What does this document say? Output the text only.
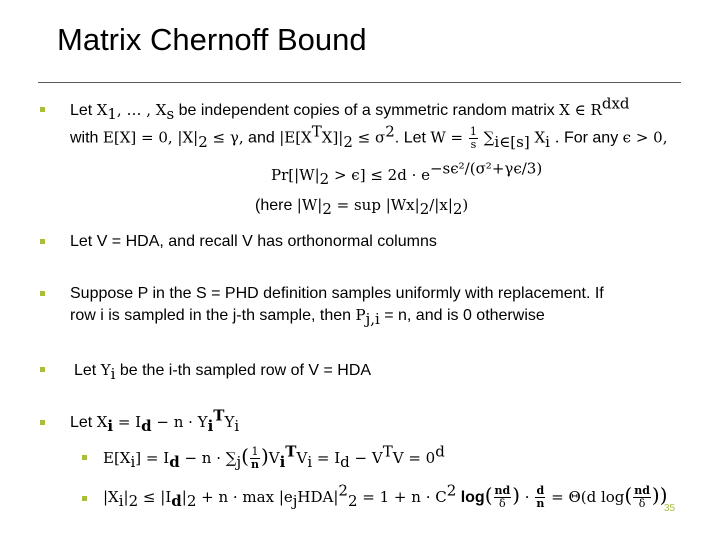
Matrix Chernoff Bound
Let $X_1$, … , $X_s$ be independent copies of a symmetric random matrix X ∈ $R^{dxd}$
with E[X] = 0, $|X|_2 \le \gamma$, and $|E[X^TX]|_2 \le \sigma^2$. Let $W = \frac{1}{s} \sum_{i\in[s]}$ $X_i$ . For any ϵ > 0,
$Pr[|W|_2 > \epsilon] \le 2d \cdot e^{-s\epsilon^2/(\sigma^2+\gamma\epsilon/3)}$
(here $|W|_2$ = sup $|Wx|_2/|x|_2$)
Let V = HDA, and recall V has orthonormal columns
Suppose P in the S = PHD definition samples uniformly with replacement. If
row i is sampled in the j-th sample, then $P_{j,i} = n$, and is 0 otherwise
Let $Y_i$ be the i-th sampled row of V = HDA
Let $X_i = I_d - n \cdot Y_i^TY_i$
$E[X_i] = I_d - n \cdot \sum_j( \frac{1}{n} )V_i^TV_i = I_d - V^TV = 0^d$
$|X_i|_2 \le |I_d|_2 + n \cdot \max |e_jHDA|^2_2 = 1 + n \cdot C^2$ $\log( \frac{nd}{\delta}$ ) · $\frac{d}{n} = \Theta(d$ $\log( \frac{nd}{\delta}$ ))
35
